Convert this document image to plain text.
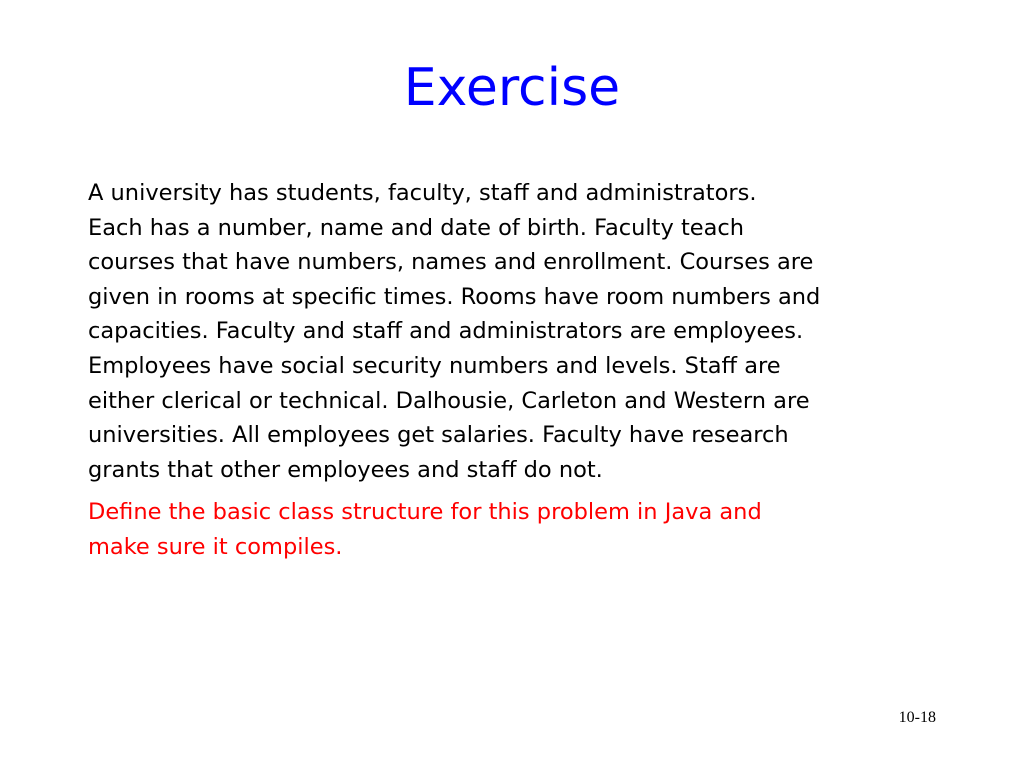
Exercise

A university has students, faculty, staff and administrators.
Each has a number, name and date of birth. Faculty teach
courses that have numbers, names and enrollment. Courses are
given in rooms at specific times. Rooms have room numbers and
capacities. Faculty and staff and administrators are employees.
Employees have social security numbers and levels. Staff are
either clerical or technical. Dalhousie, Carleton and Western are
universities. All employees get salaries. Faculty have research
grants that other employees and staff do not.

Define the basic class structure for this problem in Java and
make sure it compiles.

10-18
